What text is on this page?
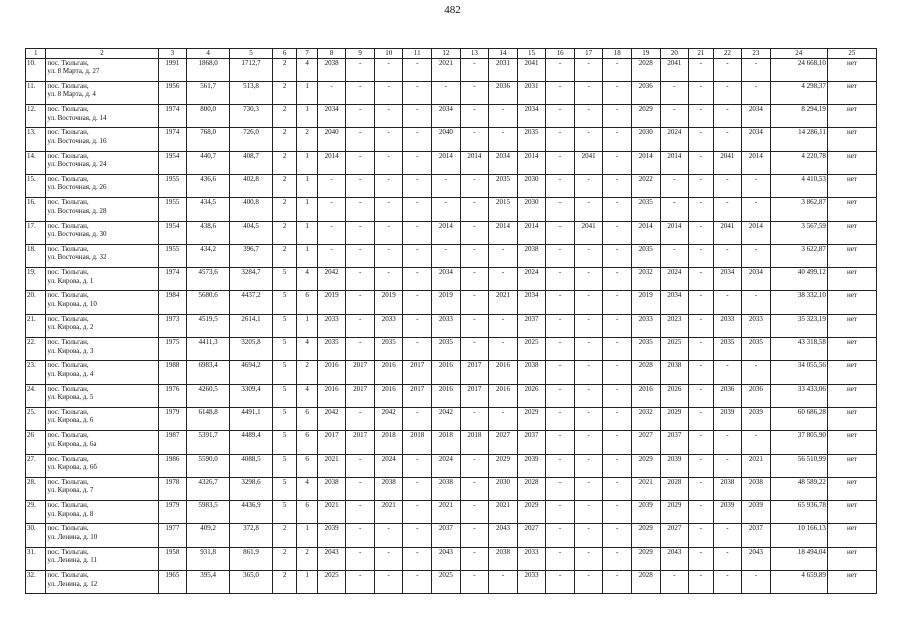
482
1	2	3	4	5	6	7	8	9	10	11	12	13	14	15	16	17	18	19	20	21	22	23	24	25
10.	пос. Тюльган,
ул. 8 Марта, д. 27	1991	1868,0	1712,7	2	4	2038	-	-	-	2021	-	2031	2041	-	-	-	2028	2041	-	-	-	24 668,10	нет
11.	пос. Тюльган,
ул. 8 Марта, д. 4	1956	561,7	513,8	2	1	-	-	-	-	-	-	2036	2031	-	-	-	2036	-	-	-	-	4 298,37	нет
12.	пос. Тюльган,
ул. Восточная, д. 14	1974	800,0	730,3	2	1	2034	-	-	-	2034	-	-	2034	-	-	-	2029	-	-	-	2034	8 294,19	нет
13.	пос. Тюльган,
ул. Восточная, д. 16	1974	768,0	726,0	2	2	2040	-	-	-	2040	-	-	2035	-	-	-	2030	2024	-	-	2034	14 286,11	нет
14.	пос. Тюльган,
ул. Восточная, д. 24	1954	440,7	408,7	2	1	2014	-	-	-	2014	2014	2034	2014	-	2041	-	2014	2014	-	2041	2014	4 220,78	нет
15.	пос. Тюльган,
ул. Восточная, д. 26	1955	436,6	402,8	2	1	-	-	-	-	-	-	2035	2030	-	-	-	2022	-	-	-	-	4 410,53	нет
16.	пос. Тюльган,
ул. Восточная, д. 28	1955	434,5	400,8	2	1	-	-	-	-	-	-	2015	2030	-	-	-	2035	-	-	-	-	3 862,87	нет
17.	пос. Тюльган,
ул. Восточная, д. 30	1954	438,6	404,5	2	1	-	-	-	-	2014	-	2014	2014	-	2041	-	2014	2014	-	2041	2014	3 567,59	нет
18.	пос. Тюльган,
ул. Восточная, д. 32	1955	434,2	396,7	2	1	-	-	-	-	-	-	-	2038	-	-	-	2035	-	-	-	-	3 622,87	нет
19.	пос. Тюльган,
ул. Кирова, д. 1	1974	4573,6	3284,7	5	4	2042	-	-	-	2034	-	-	2024	-	-	-	2032	2024	-	2034	2034	40 499,12	нет
20.	пос. Тюльган,
ул. Кирова, д. 10	1984	5680,6	4437,2	5	6	2019	-	2019	-	2019	-	2021	2034	-	-	-	2019	2034	-	-	-	38 332,10	нет
21.	пос. Тюльган,
ул. Кирова, д. 2	1973	4519,5	2614,1	5	1	2033	-	2033	-	2033	-	-	2037	-	-	-	2033	2023	-	2033	2033	35 323,19	нет
22.	пос. Тюльган,
ул. Кирова, д. 3	1975	4411,3	3205,8	5	4	2035	-	2035	-	2035	-	-	2025	-	-	-	2035	2025	-	2035	2035	43 318,58	нет
23.	пос. Тюльган,
ул. Кирова, д. 4	1988	6983,4	4694,2	5	2	2016	2017	2016	2017	2016	2017	2016	2038	-	-	-	2028	2038	-	-	-	34 055,56	нет
24.	пос. Тюльган,
ул. Кирова, д. 5	1976	4260,5	3309,4	5	4	2016	2017	2016	2017	2016	2017	2016	2026	-	-	-	2016	2026	-	2036	2036	33 433,06	нет
25.	пос. Тюльган,
ул. Кирова, д. 6	1979	6148,8	4491,1	5	6	2042	-	2042	-	2042	-	-	2029	-	-	-	2032	2029	-	2039	2039	60 686,28	нет
26	пос. Тюльган,
ул. Кирова, д. 6а	1987	5391,7	4489,4	5	6	2017	2017	2018	2018	2018	2018	2027	2037	-	-	-	2027	2037	-	-	-	37 805,90	нет
27.	пос. Тюльган,
ул. Кирова, д. 6б	1986	5590,0	4088,5	5	6	2021	-	2024	-	2024	-	2029	2039	-	-	-	2029	2039	-	-	2021	56 510,99	нет
28.	пос. Тюльган,
ул. Кирова, д. 7	1978	4326,7	3298,6	5	4	2038	-	2038	-	2038	-	2030	2028	-	-	-	2021	2028	-	2038	2038	48 589,22	нет
29.	пос. Тюльган,
ул. Кирова, д. 8	1979	5983,5	4436,9	5	6	2021	-	2021	-	2021	-	2021	2029	-	-	-	2039	2029	-	2039	2039	65 936,78	нет
30.	пос. Тюльган,
ул. Ленина, д. 10	1977	409,2	372,8	2	1	2039	-	-	-	2037	-	2043	2027	-	-	-	2029	2027	-	-	2037	10 166,13	нет
31.	пос. Тюльган,
ул. Ленина, д. 11	1958	931,8	861,9	2	2	2043	-	-	-	2043	-	2038	2033	-	-	-	2029	2043	-	-	2043	18 494,04	нет
32.	пос. Тюльган,
ул. Ленина, д. 12	1965	395,4	365,0	2	1	2025	-	-	-	2025	-	-	2033	-	-	-	2028	-	-	-	-	4 659,89	нет
